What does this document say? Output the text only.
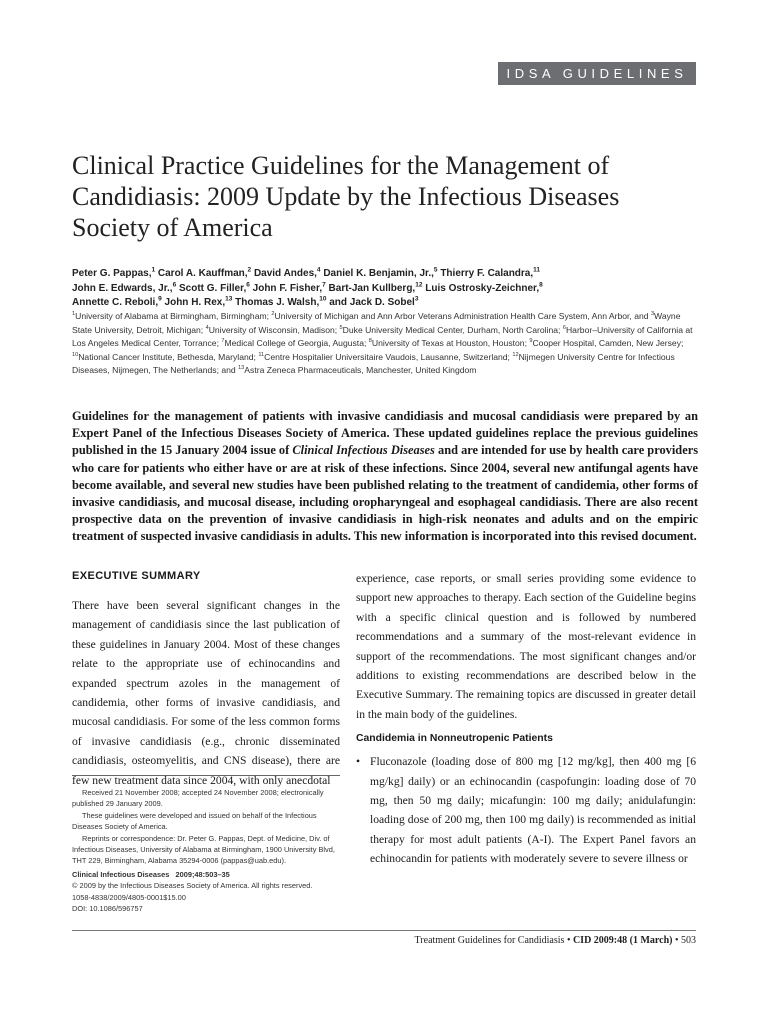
IDSA GUIDELINES
Clinical Practice Guidelines for the Management of Candidiasis: 2009 Update by the Infectious Diseases Society of America
Peter G. Pappas,$^1$ Carol A. Kauffman,$^2$ David Andes,$^4$ Daniel K. Benjamin, Jr.,$^5$ Thierry F. Calandra,$^{11}$
John E. Edwards, Jr.,$^6$ Scott G. Filler,$^6$ John F. Fisher,$^7$ Bart-Jan Kullberg,$^{12}$ Luis Ostrosky-Zeichner,$^8$
Annette C. Reboli,$^9$ John H. Rex,$^{13}$ Thomas J. Walsh,$^{10}$ and Jack D. Sobel$^3$
$^1$University of Alabama at Birmingham, Birmingham; $^2$University of Michigan and Ann Arbor Veterans Administration Health Care System, Ann Arbor, and $^3$Wayne State University, Detroit, Michigan; $^4$University of Wisconsin, Madison; $^5$Duke University Medical Center, Durham, North Carolina; $^6$Harbor–University of California at Los Angeles Medical Center, Torrance; $^7$Medical College of Georgia, Augusta; $^8$University of Texas at Houston, Houston; $^9$Cooper Hospital, Camden, New Jersey; $^{10}$National Cancer Institute, Bethesda, Maryland; $^{11}$Centre Hospitalier Universitaire Vaudois, Lausanne, Switzerland; $^{12}$Nijmegen University Centre for Infectious Diseases, Nijmegen, The Netherlands; and $^{13}$Astra Zeneca Pharmaceuticals, Manchester, United Kingdom

Guidelines for the management of patients with invasive candidiasis and mucosal candidiasis were prepared by an Expert Panel of the Infectious Diseases Society of America. These updated guidelines replace the previous guidelines published in the 15 January 2004 issue of Clinical Infectious Diseases and are intended for use by health care providers who care for patients who either have or are at risk of these infections. Since 2004, several new antifungal agents have become available, and several new studies have been published relating to the treatment of candidemia, other forms of invasive candidiasis, and mucosal disease, including oropharyngeal and esophageal candidiasis. There are also recent prospective data on the prevention of invasive candidiasis in high-risk neonates and adults and on the empiric treatment of suspected invasive candidiasis in adults. This new information is incorporated into this revised document.

EXECUTIVE SUMMARY

There have been several significant changes in the management of candidiasis since the last publication of these guidelines in January 2004. Most of these changes relate to the appropriate use of echinocandins and expanded spectrum azoles in the management of candidemia, other forms of invasive candidiasis, and mucosal candidiasis. For some of the less common forms of invasive candidiasis (e.g., chronic disseminated candidiasis, osteomyelitis, and CNS disease), there are few new treatment data since 2004, with only anecdotal

experience, case reports, or small series providing some evidence to support new approaches to therapy. Each section of the Guideline begins with a specific clinical question and is followed by numbered recommendations and a summary of the most-relevant evidence in support of the recommendations. The most significant changes and/or additions to existing recommendations are described below in the Executive Summary. The remaining topics are discussed in greater detail in the main body of the guidelines.

Candidemia in Nonneutropenic Patients
• Fluconazole (loading dose of 800 mg [12 mg/kg], then 400 mg [6 mg/kg] daily) or an echinocandin (caspofungin: loading dose of 70 mg, then 50 mg daily; micafungin: 100 mg daily; anidulafungin: loading dose of 200 mg, then 100 mg daily) is recommended as initial therapy for most adult patients (A-I). The Expert Panel favors an echinocandin for patients with moderately severe to severe illness or

Received 21 November 2008; accepted 24 November 2008; electronically published 29 January 2009.

These guidelines were developed and issued on behalf of the Infectious Diseases Society of America.

Reprints or correspondence: Dr. Peter G. Pappas, Dept. of Medicine, Div. of Infectious Diseases, University of Alabama at Birmingham, 1900 University Blvd, THT 229, Birmingham, Alabama 35294-0006 (pappas@uab.edu).

Clinical Infectious Diseases 2009;48:503–35

© 2009 by the Infectious Diseases Society of America. All rights reserved.

1058-4838/2009/4805-0001$15.00

DOI: 10.1086/596757

Treatment Guidelines for Candidiasis • CID 2009:48 (1 March) • 503
